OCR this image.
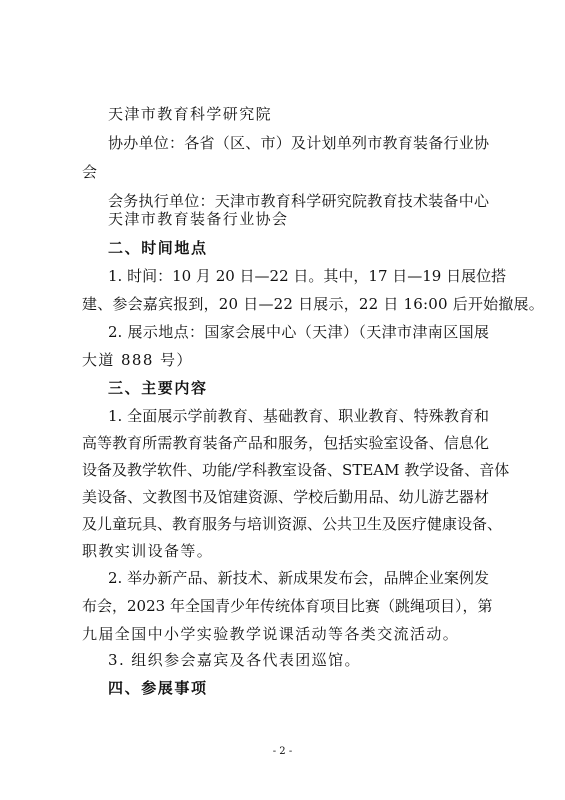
天津市教育科学研究院
协办单位：各省（区、市）及计划单列市教育装备行业协
会
会务执行单位：天津市教育科学研究院教育技术装备中心
天津市教育装备行业协会
二、时间地点
1. 时间：10 月 20 日—22 日。其中，17 日—19 日展位搭
建、参会嘉宾报到，20 日—22 日展示，22 日 16:00 后开始撤展。
2. 展示地点：国家会展中心（天津）（天津市津南区国展
大道 888 号）
三、主要内容
1. 全面展示学前教育、基础教育、职业教育、特殊教育和
高等教育所需教育装备产品和服务，包括实验室设备、信息化
设备及教学软件、功能/学科教室设备、STEAM 教学设备、音体
美设备、文教图书及馆建资源、学校后勤用品、幼儿游艺器材
及儿童玩具、教育服务与培训资源、公共卫生及医疗健康设备、
职教实训设备等。
2. 举办新产品、新技术、新成果发布会，品牌企业案例发
布会，2023 年全国青少年传统体育项目比赛（跳绳项目），第
九届全国中小学实验教学说课活动等各类交流活动。
3. 组织参会嘉宾及各代表团巡馆。
四、参展事项
- 2 -
